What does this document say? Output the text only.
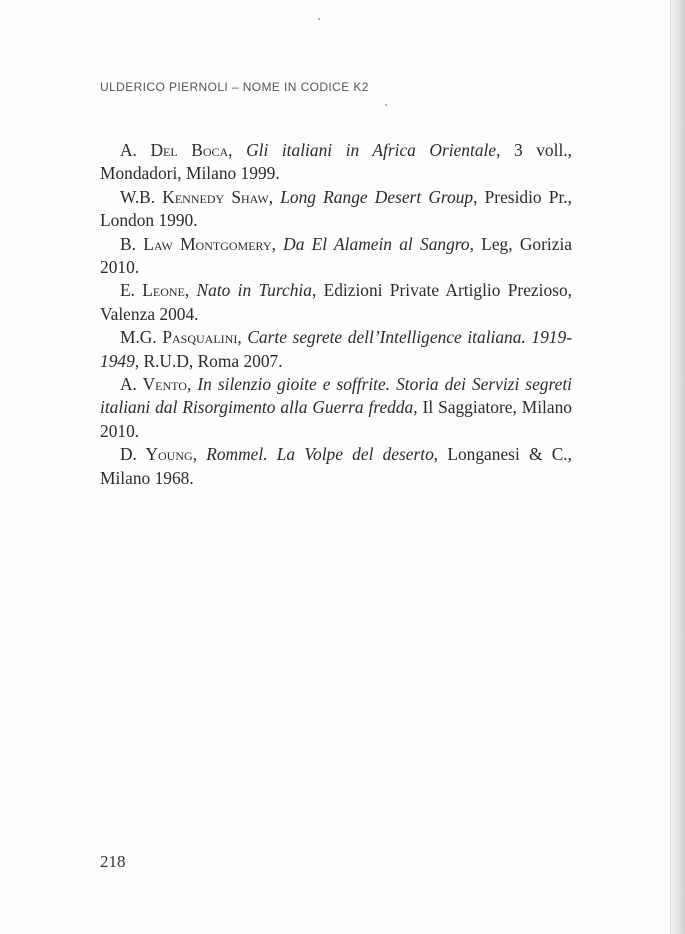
ULDERICO PIERNOLI – NOME IN CODICE K2

A. Del Boca, Gli italiani in Africa Orientale, 3 voll., Mondadori, Milano 1999.

W.B. Kennedy Shaw, Long Range Desert Group, Presidio Pr., London 1990.

B. Law Montgomery, Da El Alamein al Sangro, Leg, Gorizia 2010.

E. Leone, Nato in Turchia, Edizioni Private Artiglio Prezioso, Valenza 2004.

M.G. Pasqualini, Carte segrete dell’Intelligence italiana. 1919-1949, R.U.D, Roma 2007.

A. Vento, In silenzio gioite e soffrite. Storia dei Servizi segreti italiani dal Risorgimento alla Guerra fredda, Il Saggiatore, Milano 2010.

D. Young, Rommel. La Volpe del deserto, Longanesi & C., Milano 1968.

218
